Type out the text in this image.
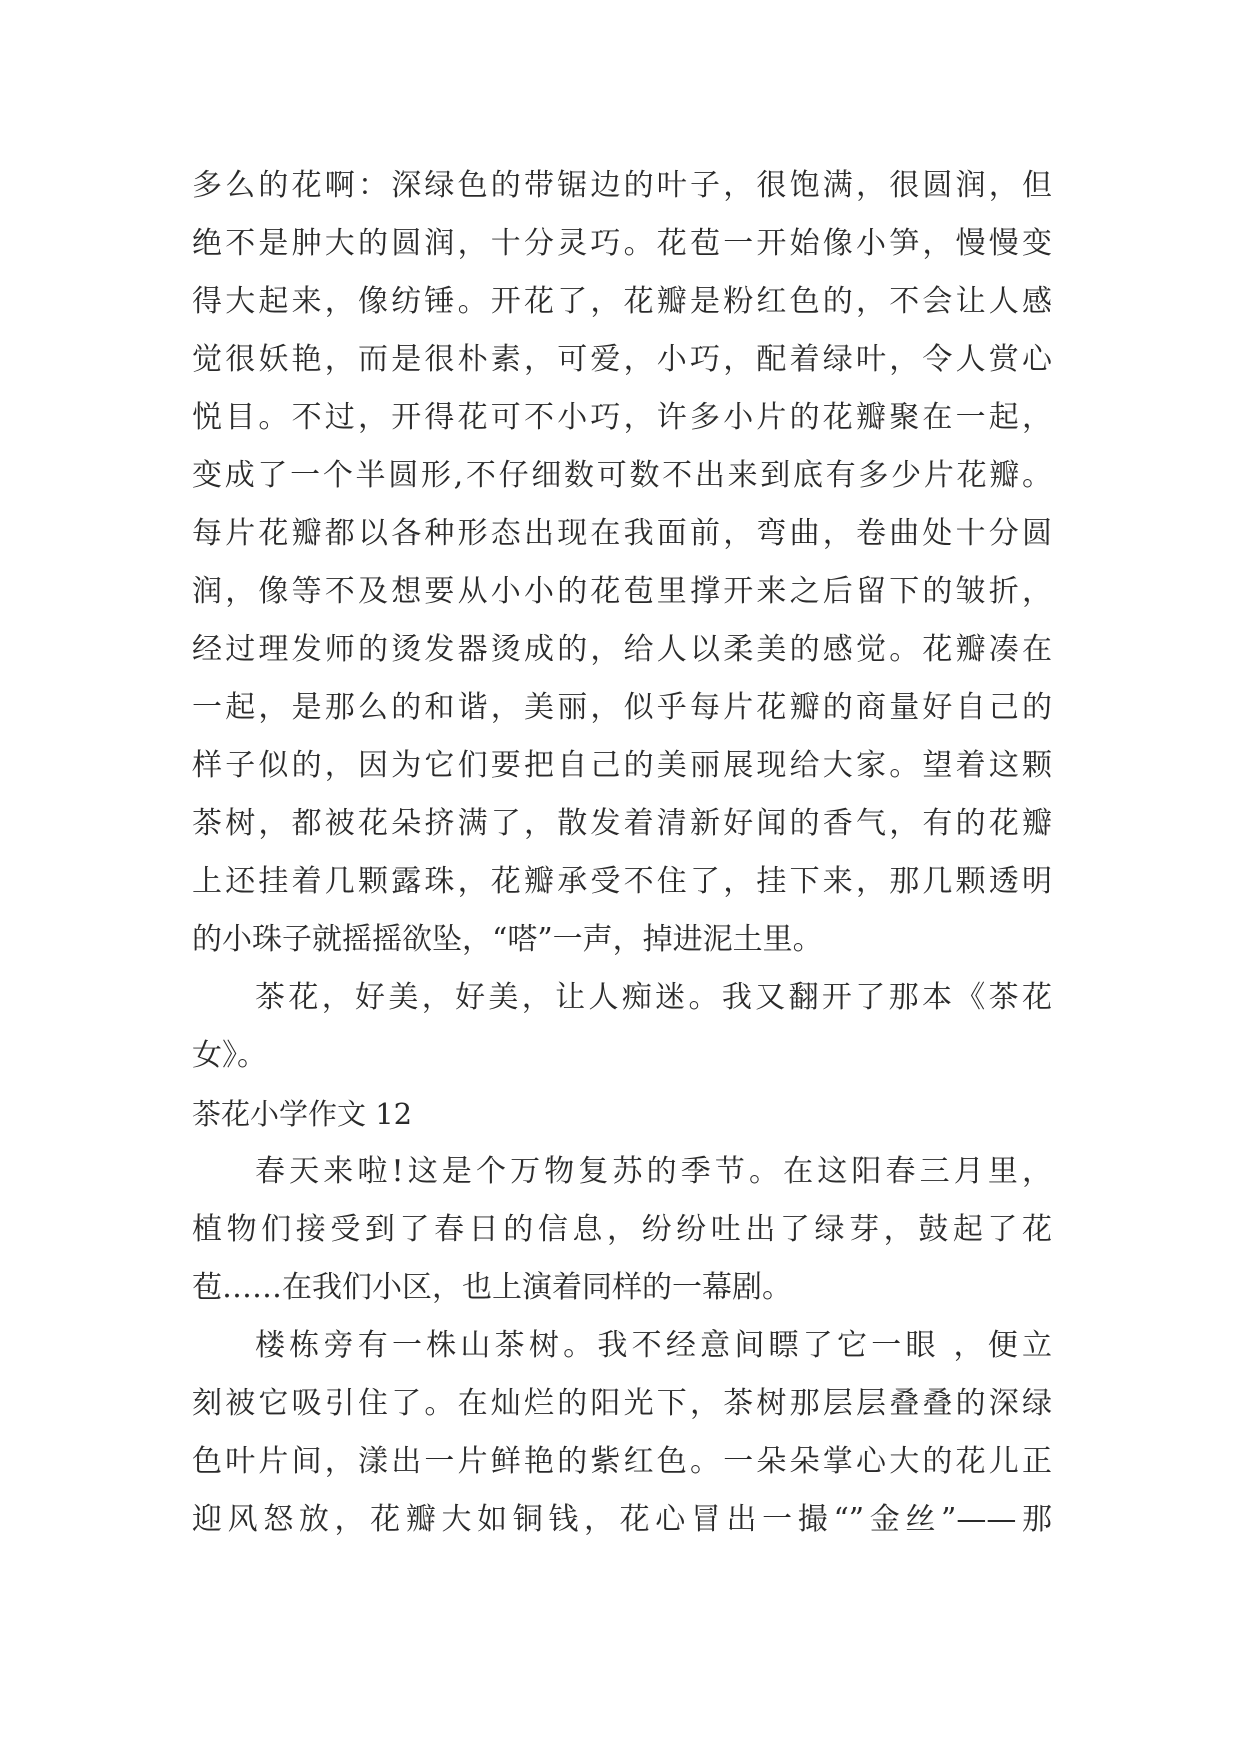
多么的花啊：深绿色的带锯边的叶子，很饱满，很圆润，但
绝不是肿大的圆润，十分灵巧。花苞一开始像小笋，慢慢变
得大起来，像纺锤。开花了，花瓣是粉红色的，不会让人感
觉很妖艳，而是很朴素，可爱，小巧，配着绿叶，令人赏心
悦目。不过，开得花可不小巧，许多小片的花瓣聚在一起，
变成了一个半圆形,不仔细数可数不出来到底有多少片花瓣。
每片花瓣都以各种形态出现在我面前，弯曲，卷曲处十分圆
润，像等不及想要从小小的花苞里撑开来之后留下的皱折，
经过理发师的烫发器烫成的，给人以柔美的感觉。花瓣凑在
一起，是那么的和谐，美丽，似乎每片花瓣的商量好自己的
样子似的，因为它们要把自己的美丽展现给大家。望着这颗
茶树，都被花朵挤满了，散发着清新好闻的香气，有的花瓣
上还挂着几颗露珠，花瓣承受不住了，挂下来，那几颗透明
的小珠子就摇摇欲坠，“嗒”一声，掉进泥土里。
茶花，好美，好美，让人痴迷。我又翻开了那本《茶花
女》。
茶花小学作文 12
春天来啦!这是个万物复苏的季节。在这阳春三月里，
植物们接受到了春日的信息，纷纷吐出了绿芽，鼓起了花
苞……在我们小区，也上演着同样的一幕剧。
楼栋旁有一株山茶树。我不经意间瞟了它一眼 ，便立
刻被它吸引住了。在灿烂的阳光下，茶树那层层叠叠的深绿
色叶片间，漾出一片鲜艳的紫红色。一朵朵掌心大的花儿正
迎风怒放，花瓣大如铜钱，花心冒出一撮“”金丝”——那
